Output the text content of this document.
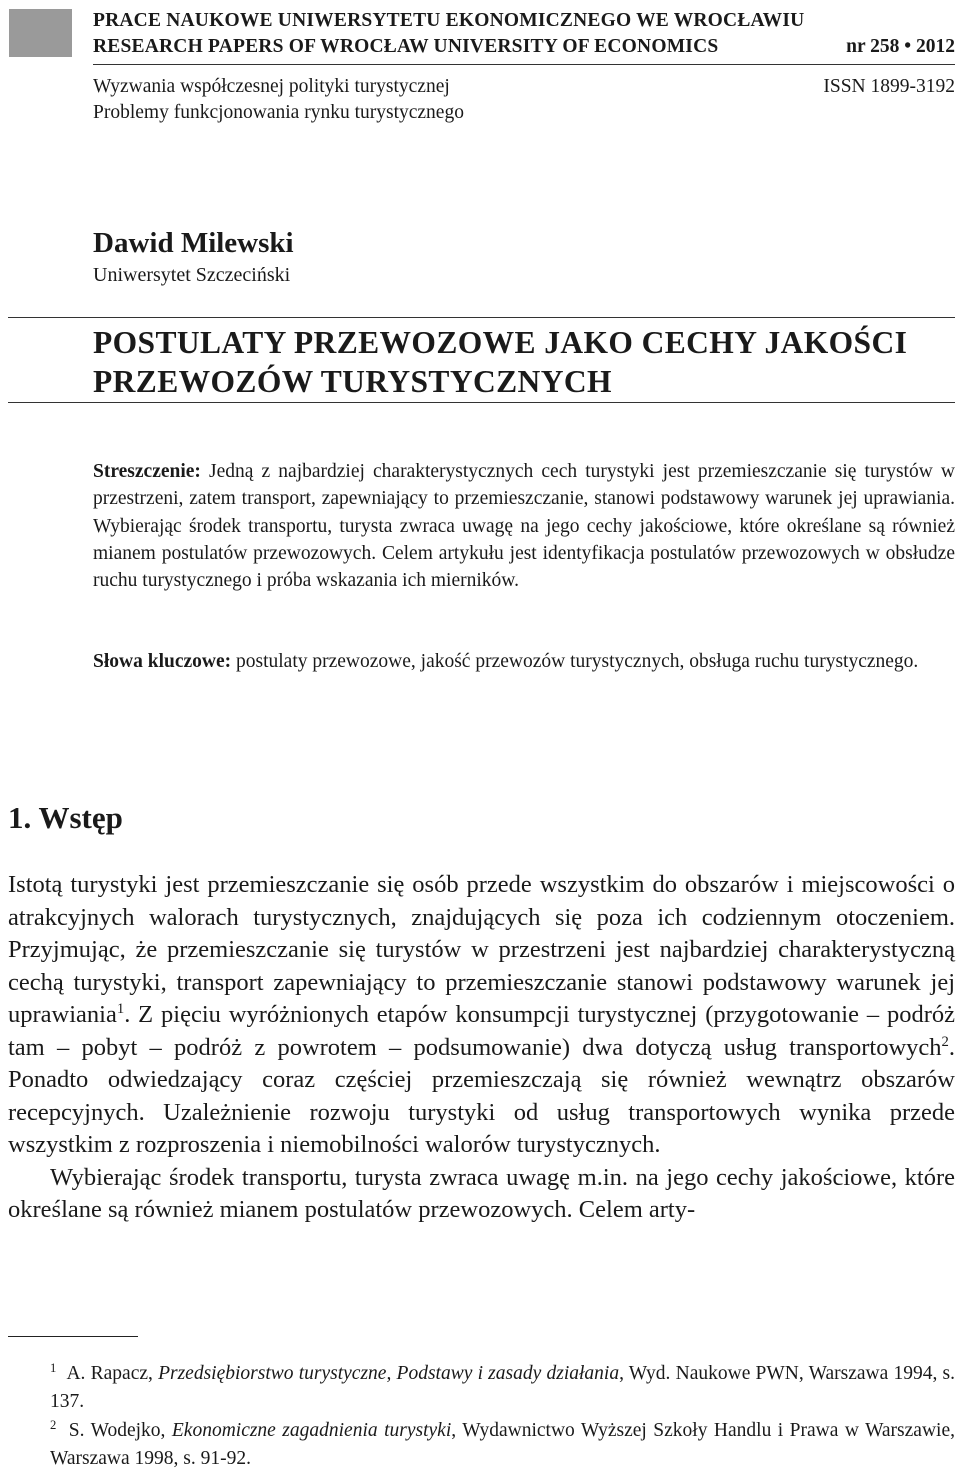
PRACE NAUKOWE UNIWERSYTETU EKONOMICZNEGO WE WROCŁAWIU
RESEARCH PAPERS OF WROCŁAW UNIVERSITY OF ECONOMICS	nr 258 • 2012
Wyzwania współczesnej polityki turystycznej
Problemy funkcjonowania rynku turystycznego
ISSN 1899-3192
Dawid Milewski
Uniwersytet Szczeciński
POSTULATY PRZEWOZOWE JAKO CECHY JAKOŚCI
PRZEWOZÓW TURYSTYCZNYCH
Streszczenie: Jedną z najbardziej charakterystycznych cech turystyki jest przemieszczanie się turystów w przestrzeni, zatem transport, zapewniający to przemieszczanie, stanowi podstawowy warunek jej uprawiania. Wybierając środek transportu, turysta zwraca uwagę na jego cechy jakościowe, które określane są również mianem postulatów przewozowych. Celem artykułu jest identyfikacja postulatów przewozowych w obsłudze ruchu turystycznego i próba wskazania ich mierników.
Słowa kluczowe: postulaty przewozowe, jakość przewozów turystycznych, obsługa ruchu turystycznego.
1. Wstęp

Istotą turystyki jest przemieszczanie się osób przede wszystkim do obszarów i miejscowości o atrakcyjnych walorach turystycznych, znajdujących się poza ich codziennym otoczeniem. Przyjmując, że przemieszczanie się turystów w przestrzeni jest najbardziej charakterystyczną cechą turystyki, transport zapewniający to przemieszczanie stanowi podstawowy warunek jej uprawiania$^1$. Z pięciu wyróżnionych etapów konsumpcji turystycznej (przygotowanie – podróż tam – pobyt – podróż z powrotem – podsumowanie) dwa dotyczą usług transportowych$^2$. Ponadto odwiedzający coraz częściej przemieszczają się również wewnątrz obszarów recepcyjnych. Uzależnienie rozwoju turystyki od usług transportowych wynika przede wszystkim z rozproszenia i niemobilności walorów turystycznych.

Wybierając środek transportu, turysta zwraca uwagę m.in. na jego cechy jakościowe, które określane są również mianem postulatów przewozowych. Celem arty-

$^1$ A. Rapacz, Przedsiębiorstwo turystyczne, Podstawy i zasady działania, Wyd. Naukowe PWN, Warszawa 1994, s. 137.

$^2$ S. Wodejko, Ekonomiczne zagadnienia turystyki, Wydawnictwo Wyższej Szkoły Handlu i Prawa w Warszawie, Warszawa 1998, s. 91-92.
